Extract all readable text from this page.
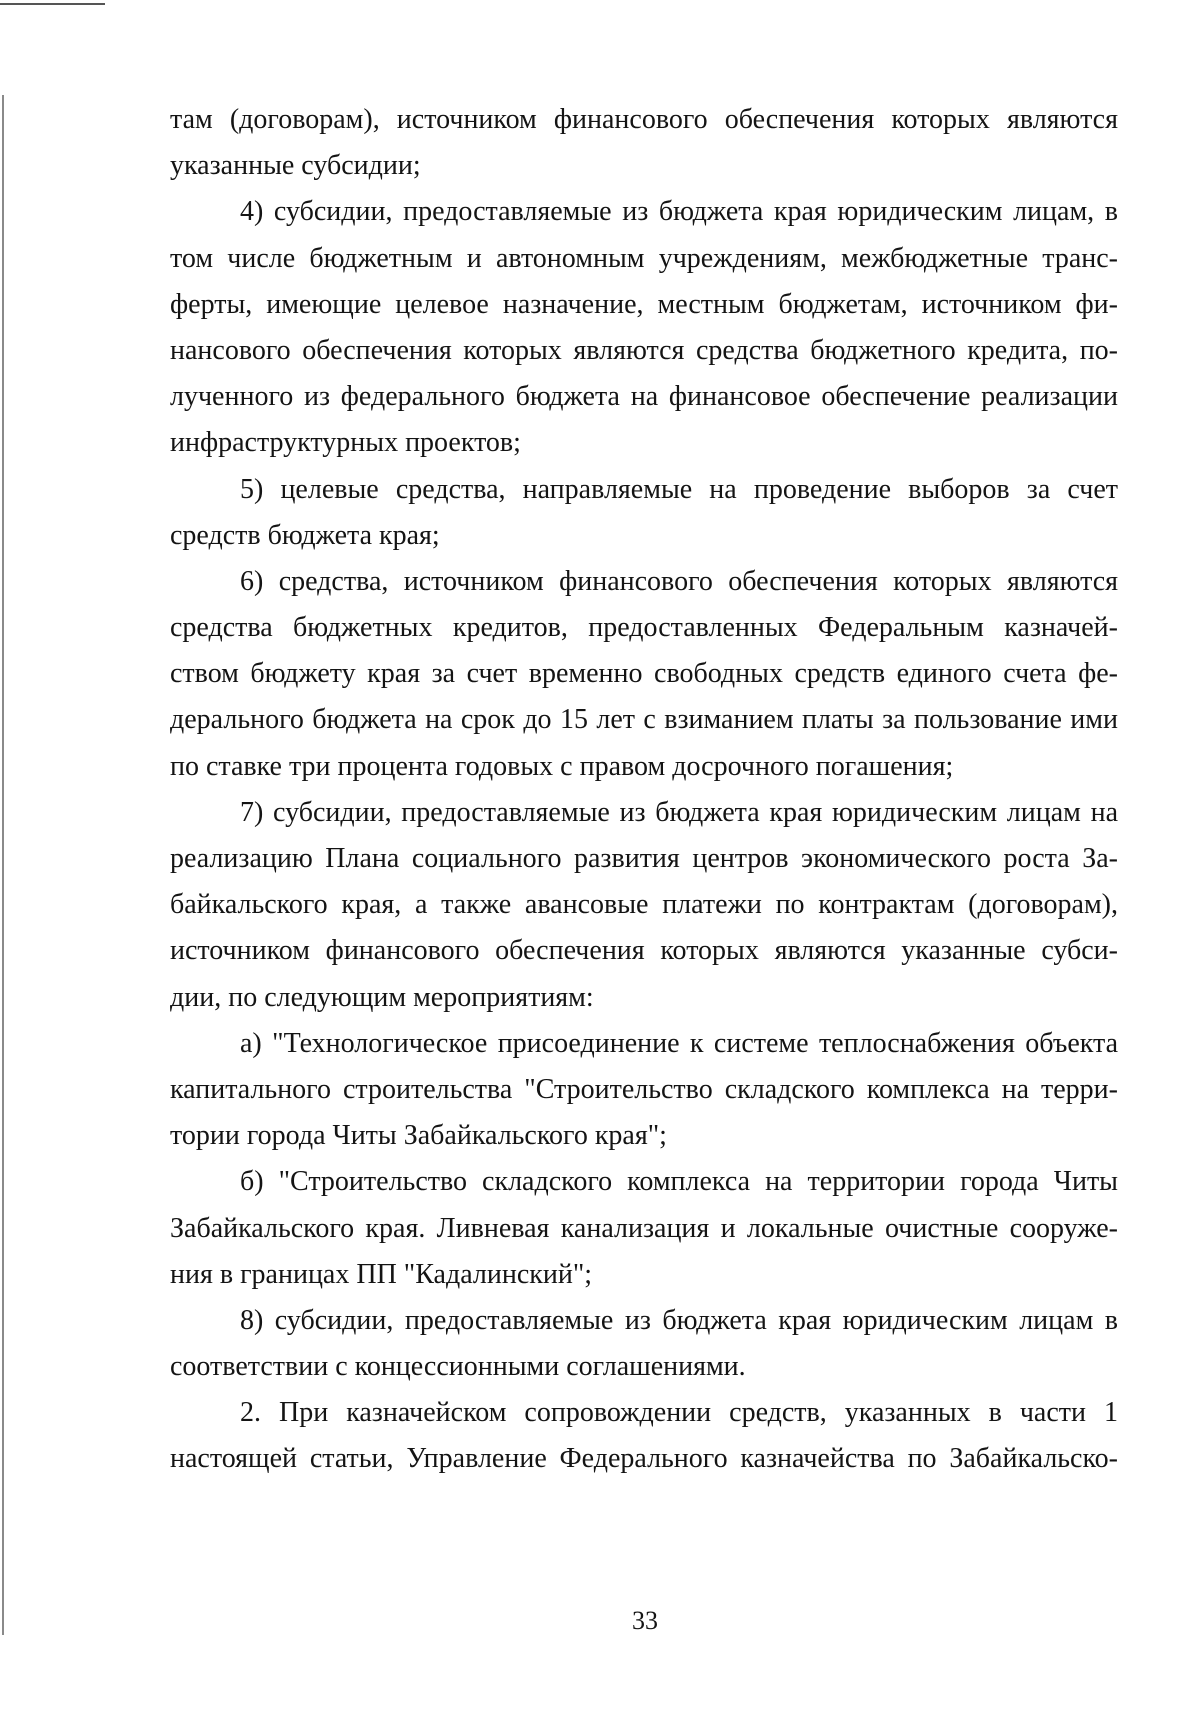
там (договорам), источником финансового обеспечения которых являются
указанные субсидии;
4) субсидии, предоставляемые из бюджета края юридическим лицам, в
том числе бюджетным и автономным учреждениям, межбюджетные транс-
ферты, имеющие целевое назначение, местным бюджетам, источником фи-
нансового обеспечения которых являются средства бюджетного кредита, по-
лученного из федерального бюджета на финансовое обеспечение реализации
инфраструктурных проектов;
5) целевые средства, направляемые на проведение выборов за счет
средств бюджета края;
6) средства, источником финансового обеспечения которых являются
средства бюджетных кредитов, предоставленных Федеральным казначей-
ством бюджету края за счет временно свободных средств единого счета фе-
дерального бюджета на срок до 15 лет с взиманием платы за пользование ими
по ставке три процента годовых с правом досрочного погашения;
7) субсидии, предоставляемые из бюджета края юридическим лицам на
реализацию Плана социального развития центров экономического роста За-
байкальского края, а также авансовые платежи по контрактам (договорам),
источником финансового обеспечения которых являются указанные субси-
дии, по следующим мероприятиям:
а) "Технологическое присоединение к системе теплоснабжения объекта
капитального строительства "Строительство складского комплекса на терри-
тории города Читы Забайкальского края";
б) "Строительство складского комплекса на территории города Читы
Забайкальского края. Ливневая канализация и локальные очистные сооруже-
ния в границах ПП "Кадалинский";
8) субсидии, предоставляемые из бюджета края юридическим лицам в
соответствии с концессионными соглашениями.
2. При казначейском сопровождении средств, указанных в части 1
настоящей статьи, Управление Федерального казначейства по Забайкальско-
33
